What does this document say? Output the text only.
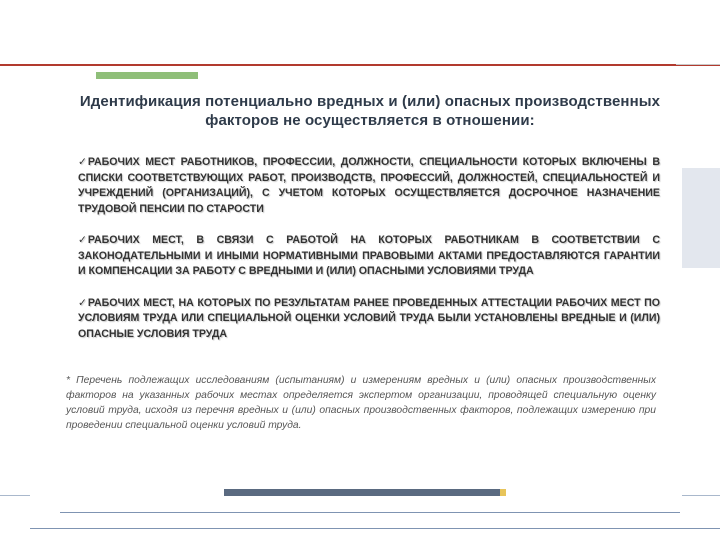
Идентификация потенциально вредных и (или) опасных производственных факторов не осуществляется в отношении:
✓РАБОЧИХ МЕСТ РАБОТНИКОВ, ПРОФЕССИИ, ДОЛЖНОСТИ, СПЕЦИАЛЬНОСТИ КОТОРЫХ ВКЛЮЧЕНЫ В СПИСКИ СООТВЕТСТВУЮЩИХ РАБОТ, ПРОИЗВОДСТВ, ПРОФЕССИЙ, ДОЛЖНОСТЕЙ, СПЕЦИАЛЬНОСТЕЙ И УЧРЕЖДЕНИЙ (ОРГАНИЗАЦИЙ), С УЧЕТОМ КОТОРЫХ ОСУЩЕСТВЛЯЕТСЯ ДОСРОЧНОЕ НАЗНАЧЕНИЕ ТРУДОВОЙ ПЕНСИИ ПО СТАРОСТИ
✓РАБОЧИХ МЕСТ, В СВЯЗИ С РАБОТОЙ НА КОТОРЫХ РАБОТНИКАМ В СООТВЕТСТВИИ С ЗАКОНОДАТЕЛЬНЫМИ И ИНЫМИ НОРМАТИВНЫМИ ПРАВОВЫМИ АКТАМИ ПРЕДОСТАВЛЯЮТСЯ ГАРАНТИИ И КОМПЕНСАЦИИ ЗА РАБОТУ С ВРЕДНЫМИ И (ИЛИ) ОПАСНЫМИ УСЛОВИЯМИ ТРУДА
✓РАБОЧИХ МЕСТ, НА КОТОРЫХ ПО РЕЗУЛЬТАТАМ РАНЕЕ ПРОВЕДЕННЫХ АТТЕСТАЦИИ РАБОЧИХ МЕСТ ПО УСЛОВИЯМ ТРУДА ИЛИ СПЕЦИАЛЬНОЙ ОЦЕНКИ УСЛОВИЙ ТРУДА БЫЛИ УСТАНОВЛЕНЫ ВРЕДНЫЕ И (ИЛИ) ОПАСНЫЕ УСЛОВИЯ ТРУДА
* Перечень подлежащих исследованиям (испытаниям) и измерениям вредных и (или) опасных производственных факторов на указанных рабочих местах определяется экспертом организации, проводящей специальную оценку условий труда, исходя из перечня вредных и (или) опасных производственных факторов, подлежащих измерению при проведении специальной оценки условий труда.
